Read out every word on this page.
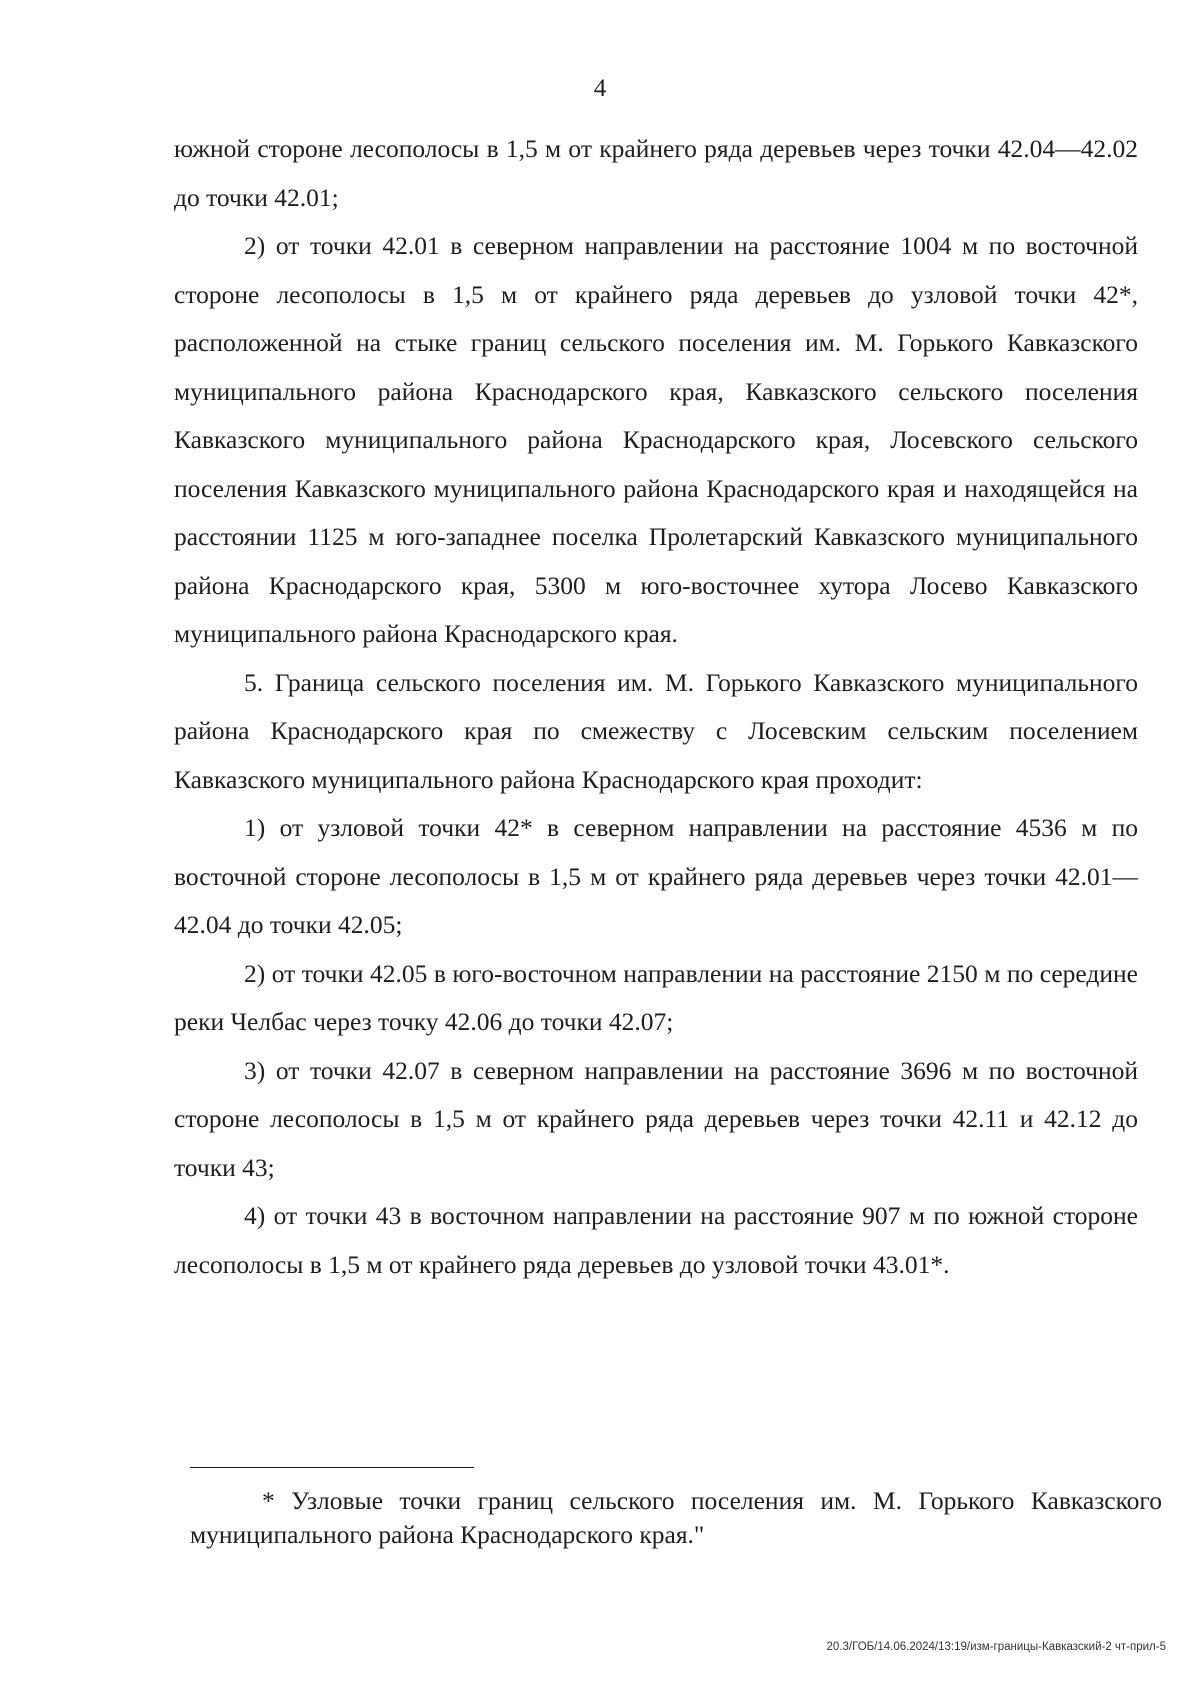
4

южной стороне лесополосы в 1,5 м от крайнего ряда деревьев через точки 42.04—42.02 до точки 42.01;

2) от точки 42.01 в северном направлении на расстояние 1004 м по восточной стороне лесополосы в 1,5 м от крайнего ряда деревьев до узловой точки 42*, расположенной на стыке границ сельского поселения им. М. Горького Кавказского муниципального района Краснодарского края, Кавказского сельского поселения Кавказского муниципального района Краснодарского края, Лосевского сельского поселения Кавказского муниципального района Краснодарского края и находящейся на расстоянии 1125 м юго-западнее поселка Пролетарский Кавказского муниципального района Краснодарского края, 5300 м юго-восточнее хутора Лосево Кавказского муниципального района Краснодарского края.

5. Граница сельского поселения им. М. Горького Кавказского муниципального района Краснодарского края по смежеству с Лосевским сельским поселением Кавказского муниципального района Краснодарского края проходит:

1) от узловой точки 42* в северном направлении на расстояние 4536 м по восточной стороне лесополосы в 1,5 м от крайнего ряда деревьев через точки 42.01—42.04 до точки 42.05;

2) от точки 42.05 в юго-восточном направлении на расстояние 2150 м по середине реки Челбас через точку 42.06 до точки 42.07;

3) от точки 42.07 в северном направлении на расстояние 3696 м по восточной стороне лесополосы в 1,5 м от крайнего ряда деревьев через точки 42.11 и 42.12 до точки 43;

4) от точки 43 в восточном направлении на расстояние 907 м по южной стороне лесополосы в 1,5 м от крайнего ряда деревьев до узловой точки 43.01*.

* Узловые точки границ сельского поселения им. М. Горького Кавказского муниципального района Краснодарского края."

20.3/ГОБ/14.06.2024/13:19/изм-границы-Кавказский-2 чт-прил-5
